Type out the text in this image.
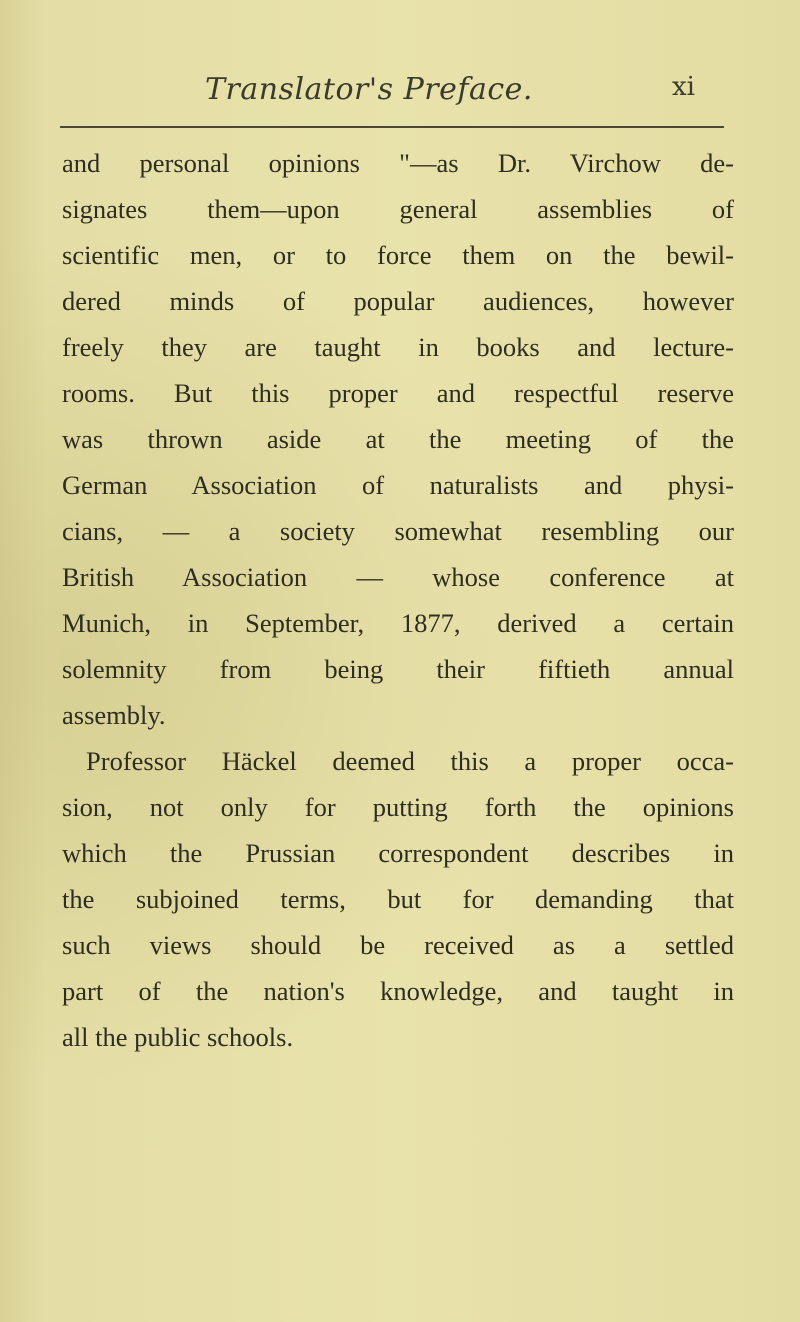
Translator's Preface.	xi
and personal opinions "—as Dr. Virchow de-
signates them—upon general assemblies of
scientific men, or to force them on the bewil-
dered minds of popular audiences, however
freely they are taught in books and lecture-
rooms. But this proper and respectful reserve
was thrown aside at the meeting of the
German Association of naturalists and physi-
cians, — a society somewhat resembling our
British Association — whose conference at
Munich, in September, 1877, derived a certain
solemnity from being their fiftieth annual
assembly.
Professor Häckel deemed this a proper occa-
sion, not only for putting forth the opinions
which the Prussian correspondent describes in
the subjoined terms, but for demanding that
such views should be received as a settled
part of the nation's knowledge, and taught in
all the public schools.
